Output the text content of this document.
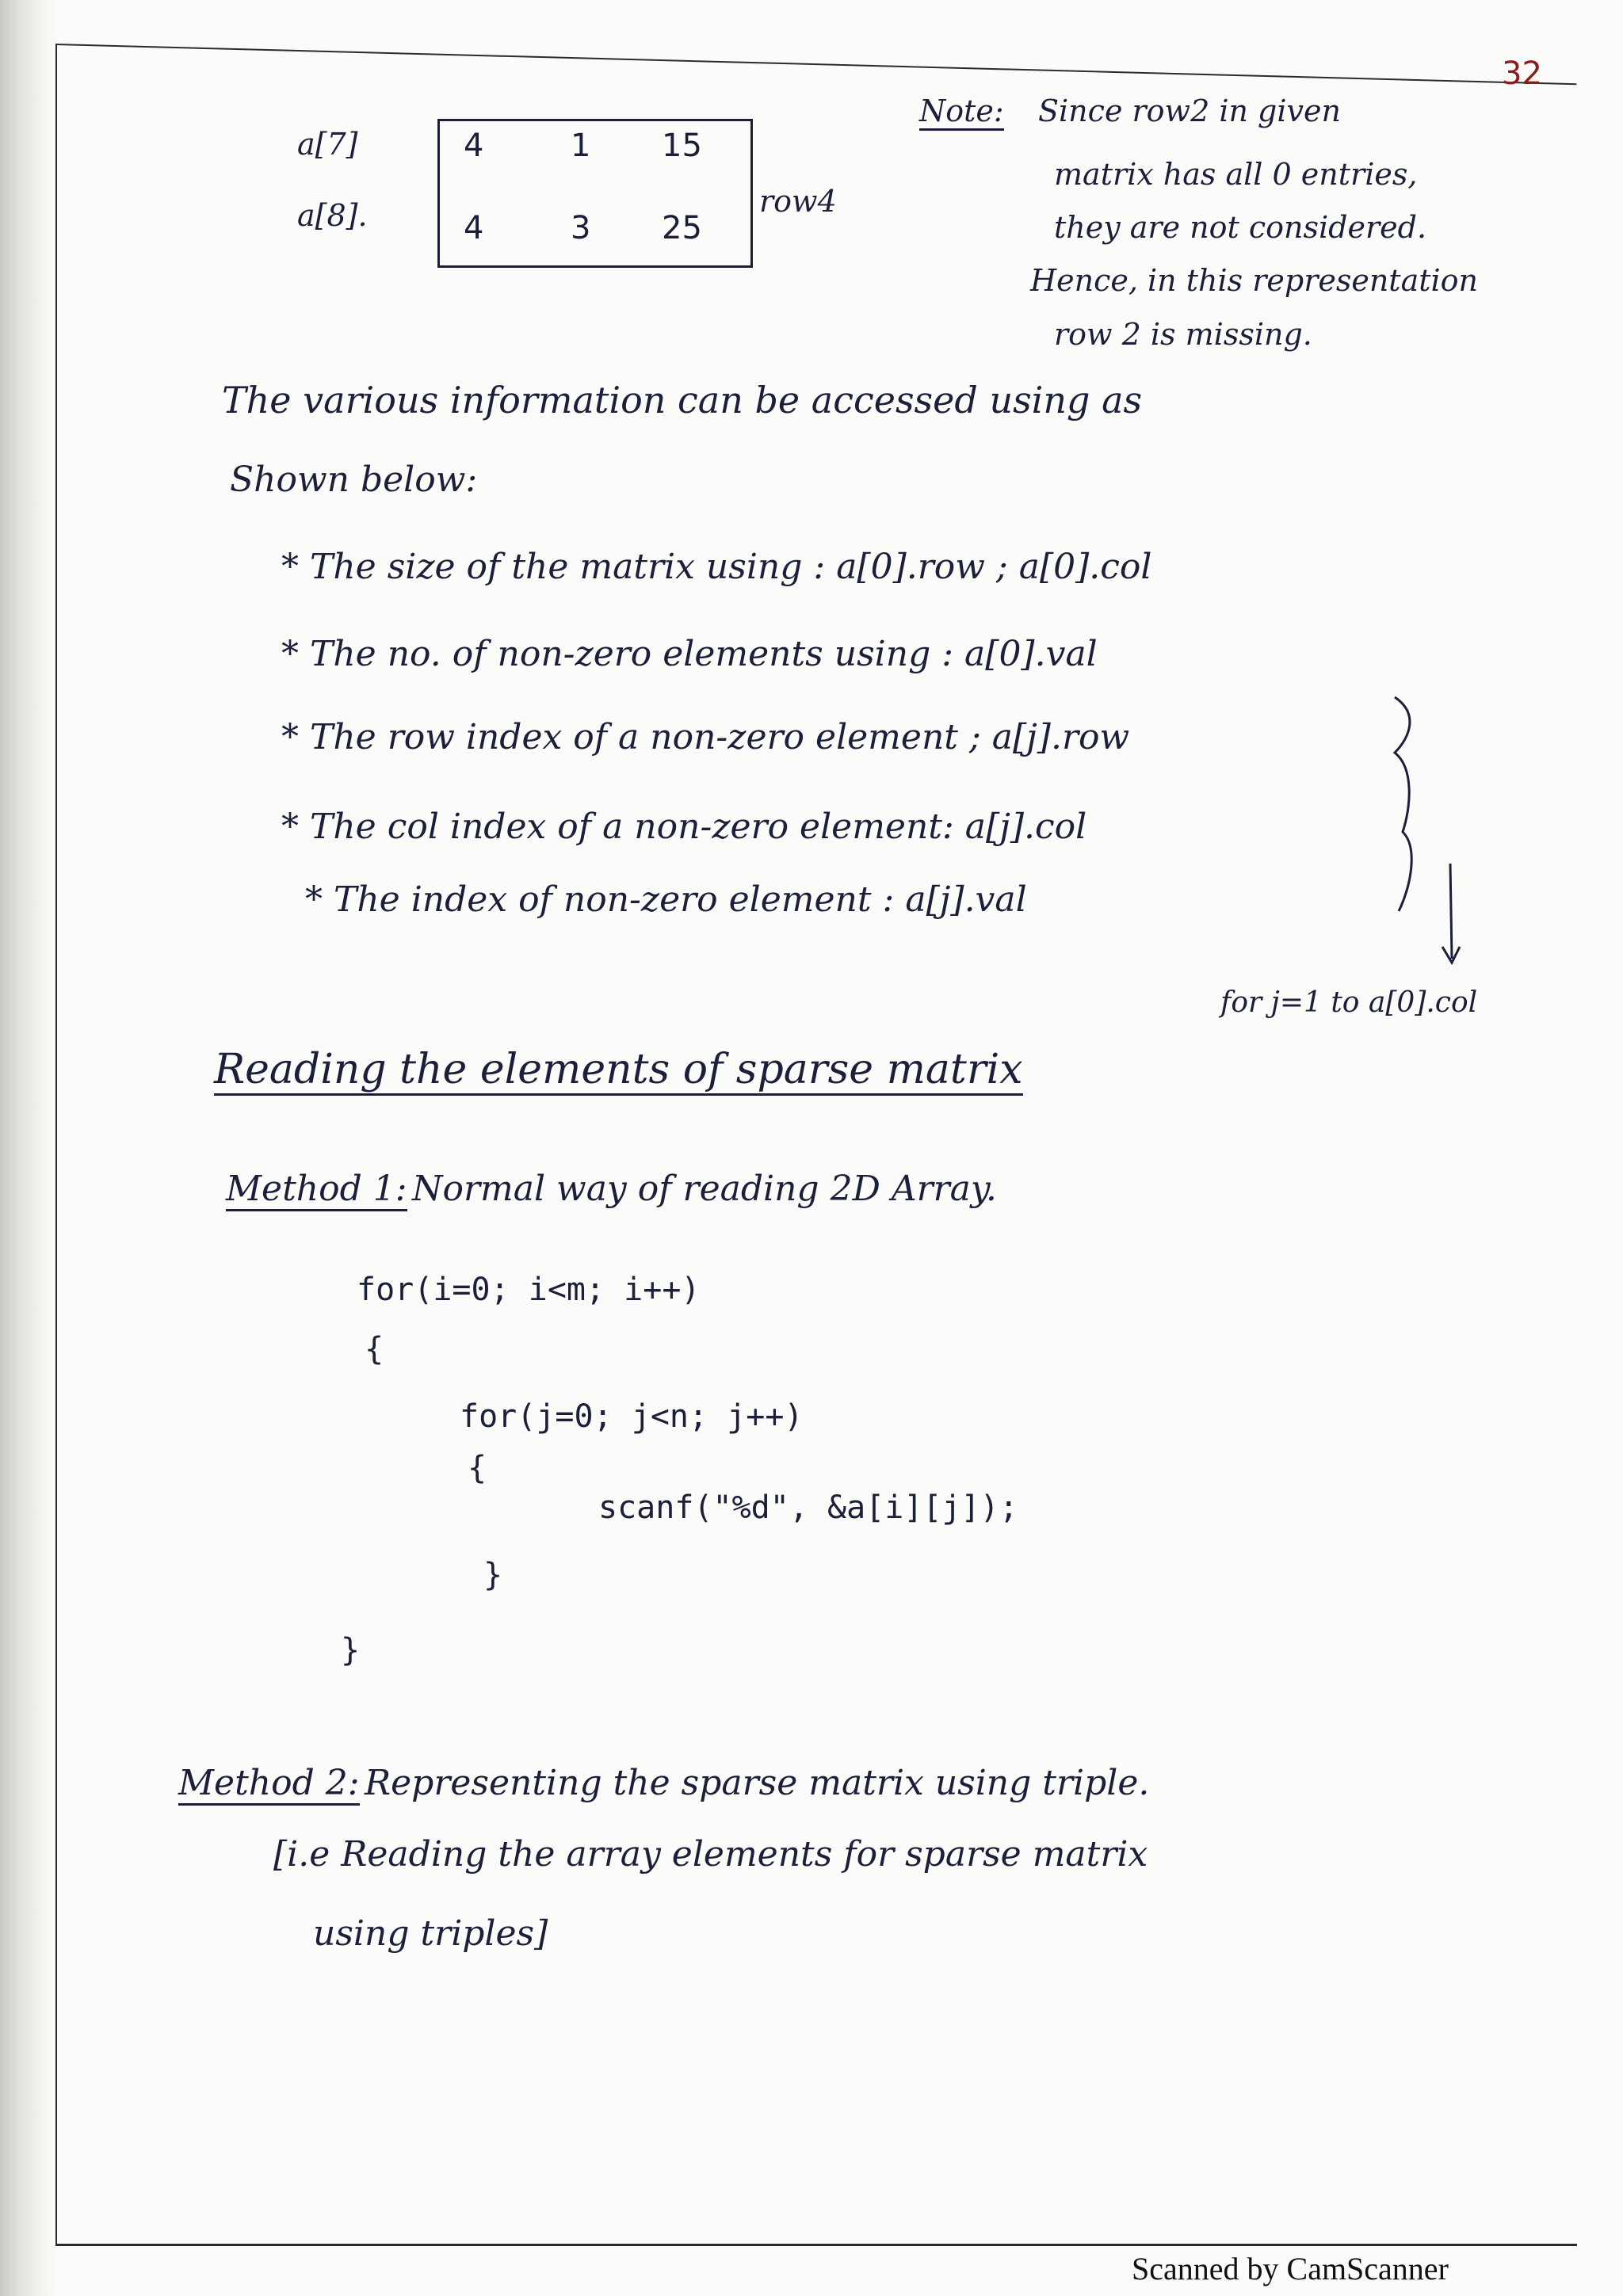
32
a[7]
a[8].
4	1 15
4	3 25
row4
Note: Since row2 in given
matrix has all 0 entries,
they are not considered.
Hence, in this representation
row 2 is missing.
The various information can be accessed using as
Shown below:
* The size of the matrix using : a[0].row ; a[0].col
* The no. of non-zero elements using : a[0].val
* The row index of a non-zero element ; a[j].row
* The col index of a non-zero element: a[j].col
* The index of non-zero element : a[j].val
for j=1 to a[0].col
Reading the elements of sparse matrix
Method 1: Normal way of reading 2D Array.
for(i=0; i<m; i++)
{
for(j=0; j<n; j++)
{
scanf("%d", &a[i][j]);
}
}
Method 2: Representing the sparse matrix using triple.
[i.e Reading the array elements for sparse matrix
using triples]
Scanned by CamScanner
